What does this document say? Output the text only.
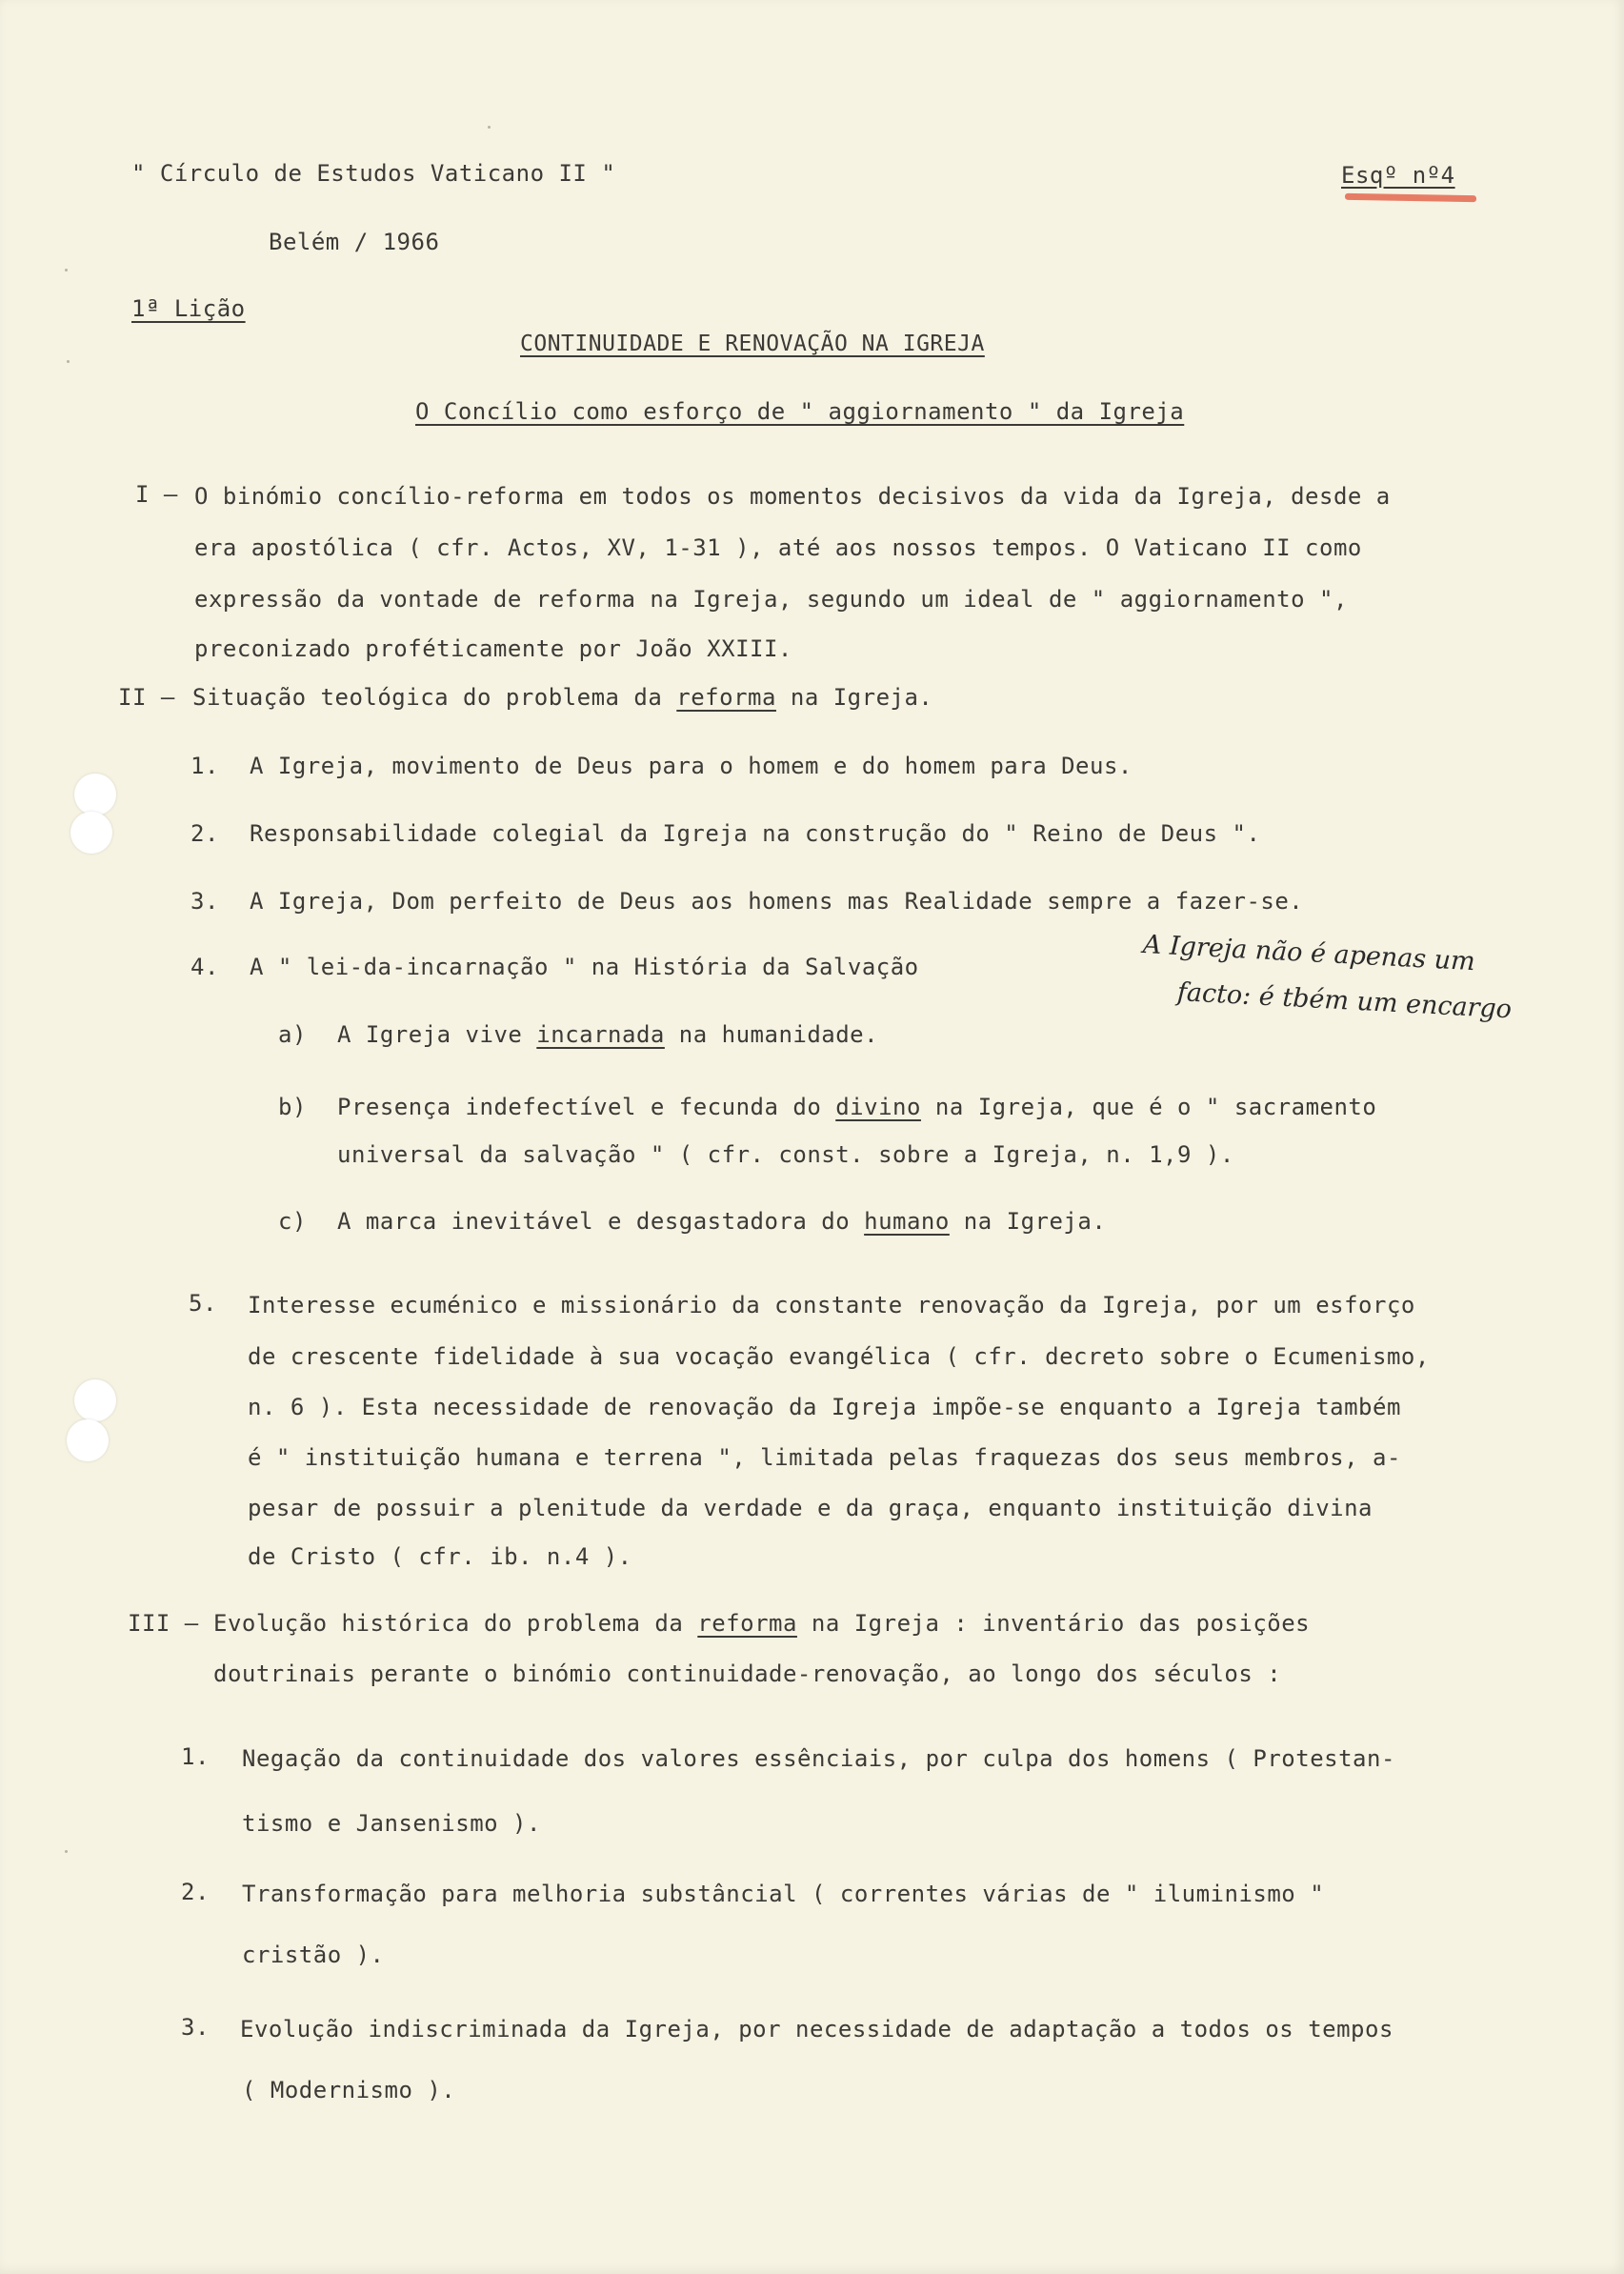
" Círculo de Estudos Vaticano II "	Esqº nº4
Belém / 1966
1ª Lição
CONTINUIDADE E RENOVAÇÃO NA IGREJA
O Concílio como esforço de " aggiornamento " da Igreja
I – O binómio concílio-reforma em todos os momentos decisivos da vida da Igreja, desde a
era apostólica ( cfr. Actos, XV, 1-31 ), até aos nossos tempos. O Vaticano II como
expressão da vontade de reforma na Igreja, segundo um ideal de " aggiornamento ",
preconizado proféticamente por João XXIII.
II – Situação teológica do problema da reforma na Igreja.
1. A Igreja, movimento de Deus para o homem e do homem para Deus.
2. Responsabilidade colegial da Igreja na construção do " Reino de Deus ".
3. A Igreja, Dom perfeito de Deus aos homens mas Realidade sempre a fazer-se.
4. A " lei-da-incarnação " na História da Salvação	A Igreja não é apenas um
facto: é tbém um encargo
a) A Igreja vive incarnada na humanidade.
b) Presença indefectível e fecunda do divino na Igreja, que é o " sacramento
universal da salvação " ( cfr. const. sobre a Igreja, n. 1,9 ).
c) A marca inevitável e desgastadora do humano na Igreja.
5. Interesse ecuménico e missionário da constante renovação da Igreja, por um esforço
de crescente fidelidade à sua vocação evangélica ( cfr. decreto sobre o Ecumenismo,
n. 6 ). Esta necessidade de renovação da Igreja impõe-se enquanto a Igreja também
é " instituição humana e terrena ", limitada pelas fraquezas dos seus membros, a-
pesar de possuir a plenitude da verdade e da graça, enquanto instituição divina
de Cristo ( cfr. ib. n.4 ).
III – Evolução histórica do problema da reforma na Igreja : inventário das posições
doutrinais perante o binómio continuidade-renovação, ao longo dos séculos :
1. Negação da continuidade dos valores essênciais, por culpa dos homens ( Protestan-
tismo e Jansenismo ).
2. Transformação para melhoria substâncial ( correntes várias de " iluminismo "
cristão ).
3. Evolução indiscriminada da Igreja, por necessidade de adaptação a todos os tempos
( Modernismo ).
